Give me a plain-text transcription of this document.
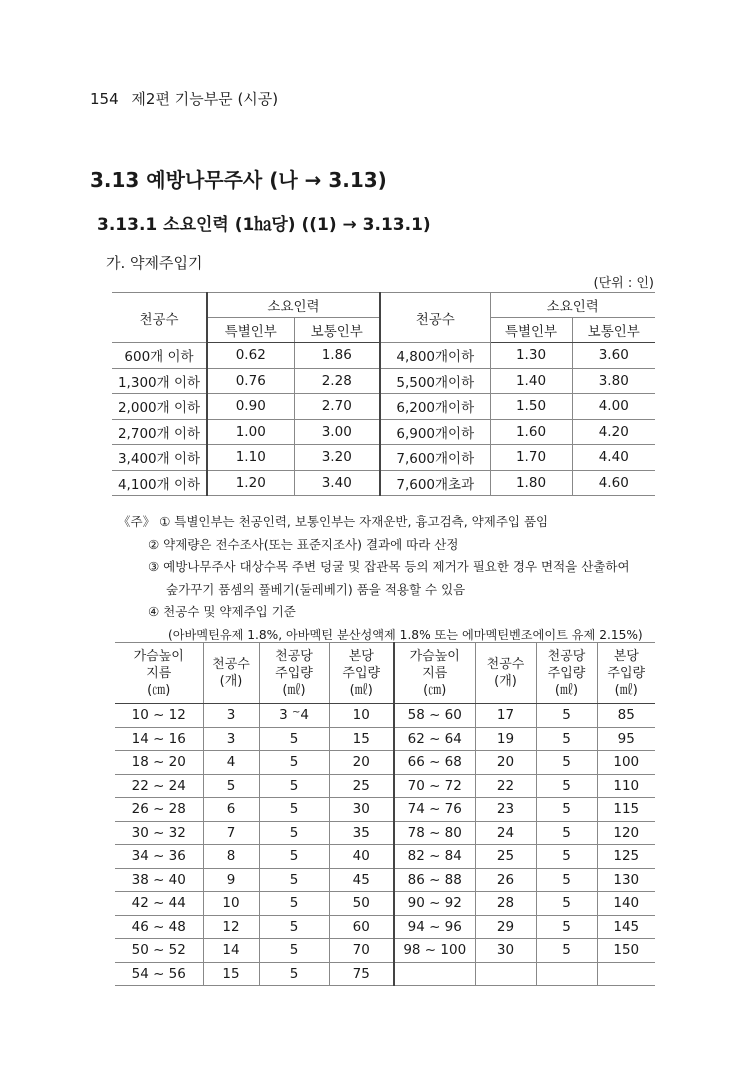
154 제2편 기능부문 (시공)
3.13 예방나무주사 (나 → 3.13)
3.13.1 소요인력 (1㏊당) ((1) → 3.13.1)
가. 약제주입기
(단위 : 인)
천공수	소요인력		천공수	소요인력	
	특별인부	보통인부		특별인부	보통인부
600개 이하	0.62	1.86	4,800개이하	1.30	3.60
1,300개 이하	0.76	2.28	5,500개이하	1.40	3.80
2,000개 이하	0.90	2.70	6,200개이하	1.50	4.00
2,700개 이하	1.00	3.00	6,900개이하	1.60	4.20
3,400개 이하	1.10	3.20	7,600개이하	1.70	4.40
4,100개 이하	1.20	3.40	7,600개초과	1.80	4.60
《주》 ① 특별인부는 천공인력, 보통인부는 자재운반, 흉고검측, 약제주입 품임
② 약제량은 전수조사(또는 표준지조사) 결과에 따라 산정
③ 예방나무주사 대상수목 주변 덩굴 및 잡관목 등의 제거가 필요한 경우 면적을 산출하여
숲가꾸기 품셈의 풀베기(둘레베기) 품을 적용할 수 있음
④ 천공수 및 약제주입 기준
(아바멕틴유제 1.8%, 아바멕틴 분산성액제 1.8% 또는 에마멕틴벤조에이트 유제 2.15%)
가슴높이
지름
(㎝)	천공수
(개)	천공당
주입량
(㎖)	본당
주입량
(㎖)	가슴높이
지름
(㎝)	천공수
(개)	천공당
주입량
(㎖)	본당
주입량
(㎖)
10 ~ 12	3	3 ~4	10	58 ~ 60	17	5	85
14 ~ 16	3	5	15	62 ~ 64	19	5	95
18 ~ 20	4	5	20	66 ~ 68	20	5	100
22 ~ 24	5	5	25	70 ~ 72	22	5	110
26 ~ 28	6	5	30	74 ~ 76	23	5	115
30 ~ 32	7	5	35	78 ~ 80	24	5	120
34 ~ 36	8	5	40	82 ~ 84	25	5	125
38 ~ 40	9	5	45	86 ~ 88	26	5	130
42 ~ 44	10	5	50	90 ~ 92	28	5	140
46 ~ 48	12	5	60	94 ~ 96	29	5	145
50 ~ 52	14	5	70	98 ~ 100	30	5	150
54 ~ 56	15	5	75				
